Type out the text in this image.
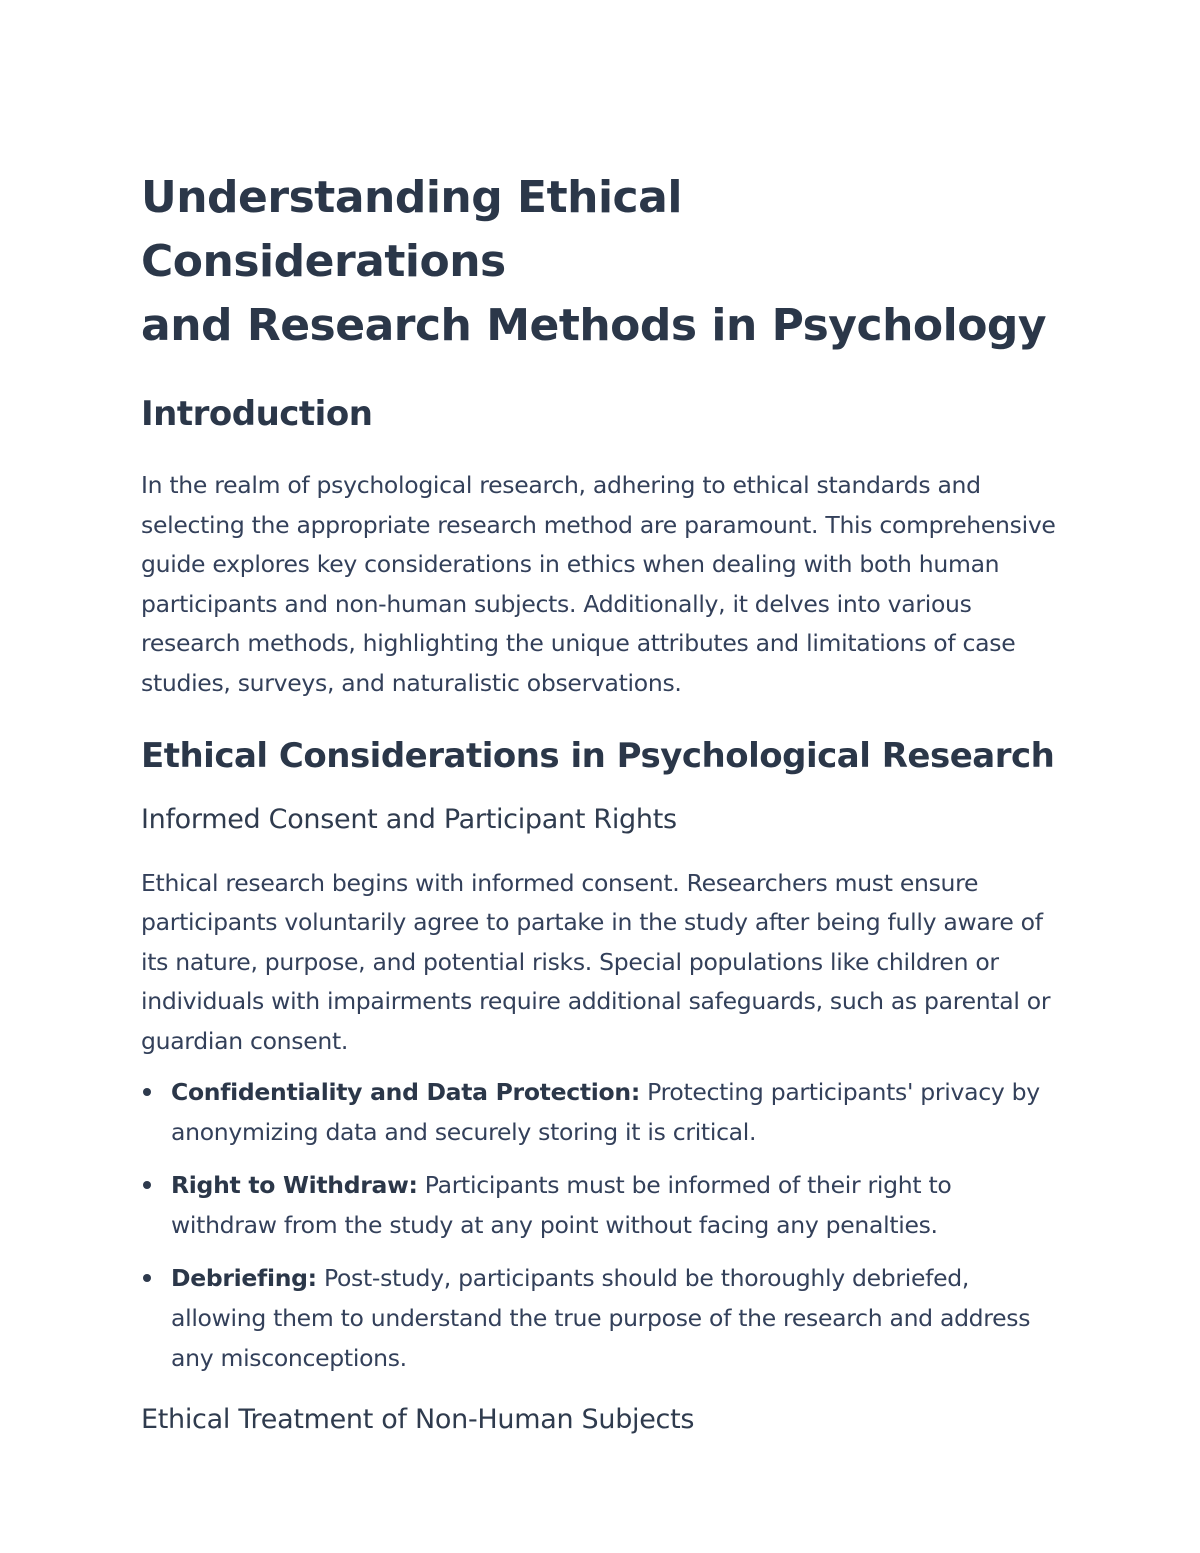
Understanding Ethical Considerations
and Research Methods in Psychology
Introduction

In the realm of psychological research, adhering to ethical standards and selecting the appropriate research method are paramount. This comprehensive guide explores key considerations in ethics when dealing with both human participants and non-human subjects. Additionally, it delves into various research methods, highlighting the unique attributes and limitations of case studies, surveys, and naturalistic observations.

Ethical Considerations in Psychological Research
Informed Consent and Participant Rights

Ethical research begins with informed consent. Researchers must ensure participants voluntarily agree to partake in the study after being fully aware of its nature, purpose, and potential risks. Special populations like children or individuals with impairments require additional safeguards, such as parental or guardian consent.

Confidentiality and Data Protection: Protecting participants' privacy by anonymizing data and securely storing it is critical.
Right to Withdraw: Participants must be informed of their right to withdraw from the study at any point without facing any penalties.
Debriefing: Post-study, participants should be thoroughly debriefed, allowing them to understand the true purpose of the research and address any misconceptions.
Ethical Treatment of Non-Human Subjects
